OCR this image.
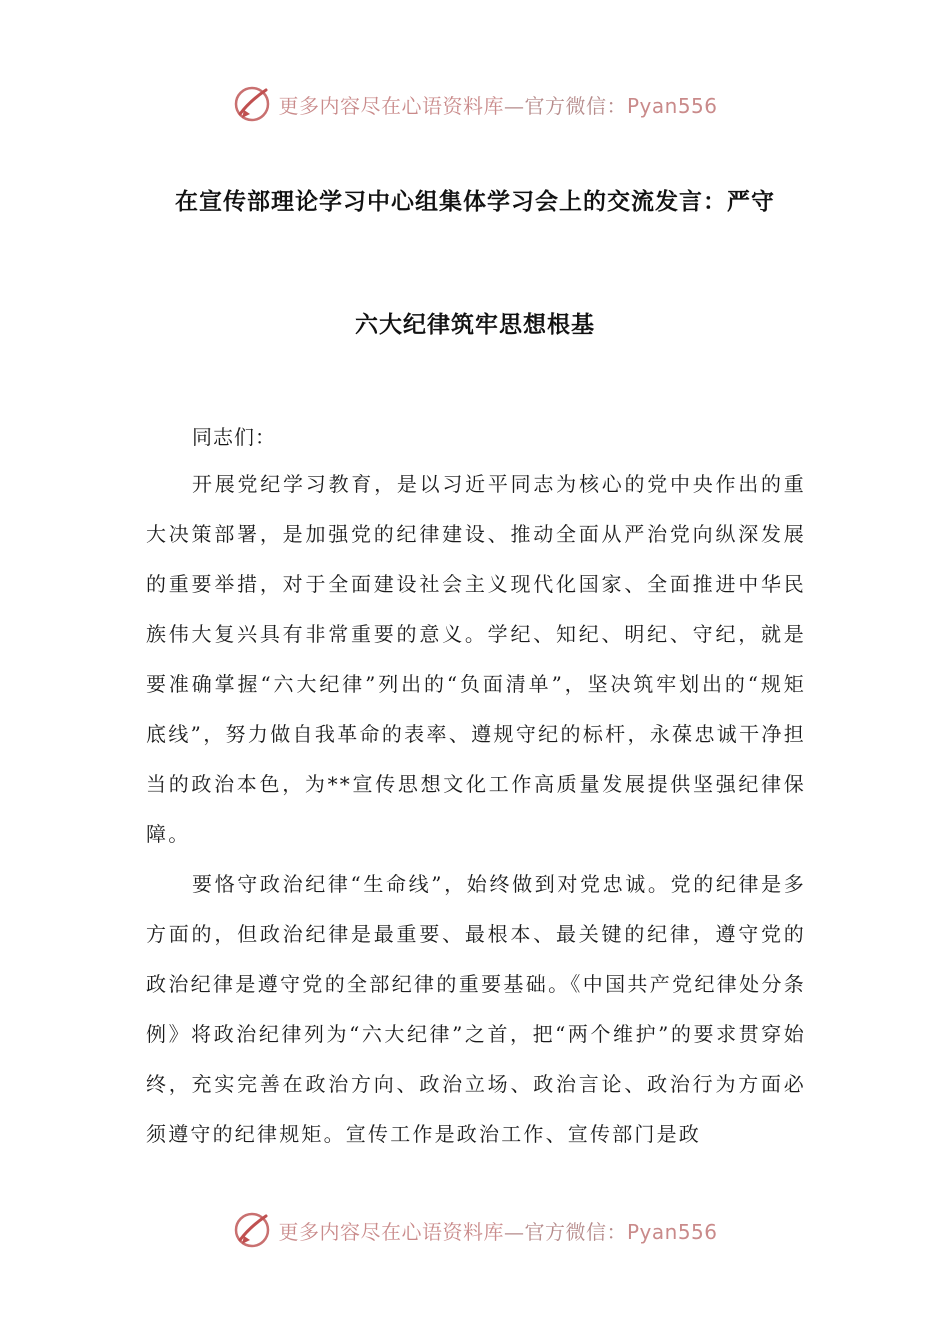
更多内容尽在心语资料库—官方微信：Pyan556
在宣传部理论学习中心组集体学习会上的交流发言：严守
六大纪律筑牢思想根基
同志们：

开展党纪学习教育，是以习近平同志为核心的党中央作出的重大决策部署，是加强党的纪律建设、推动全面从严治党向纵深发展的重要举措，对于全面建设社会主义现代化国家、全面推进中华民族伟大复兴具有非常重要的意义。学纪、知纪、明纪、守纪，就是要准确掌握“六大纪律”列出的“负面清单”，坚决筑牢划出的“规矩底线”，努力做自我革命的表率、遵规守纪的标杆，永葆忠诚干净担当的政治本色，为**宣传思想文化工作高质量发展提供坚强纪律保障。

要恪守政治纪律“生命线”，始终做到对党忠诚。党的纪律是多方面的，但政治纪律是最重要、最根本、最关键的纪律，遵守党的政治纪律是遵守党的全部纪律的重要基础。《中国共产党纪律处分条例》将政治纪律列为“六大纪律”之首，把“两个维护”的要求贯穿始终，充实完善在政治方向、政治立场、政治言论、政治行为方面必须遵守的纪律规矩。宣传工作是政治工作、宣传部门是政

更多内容尽在心语资料库—官方微信：Pyan556
